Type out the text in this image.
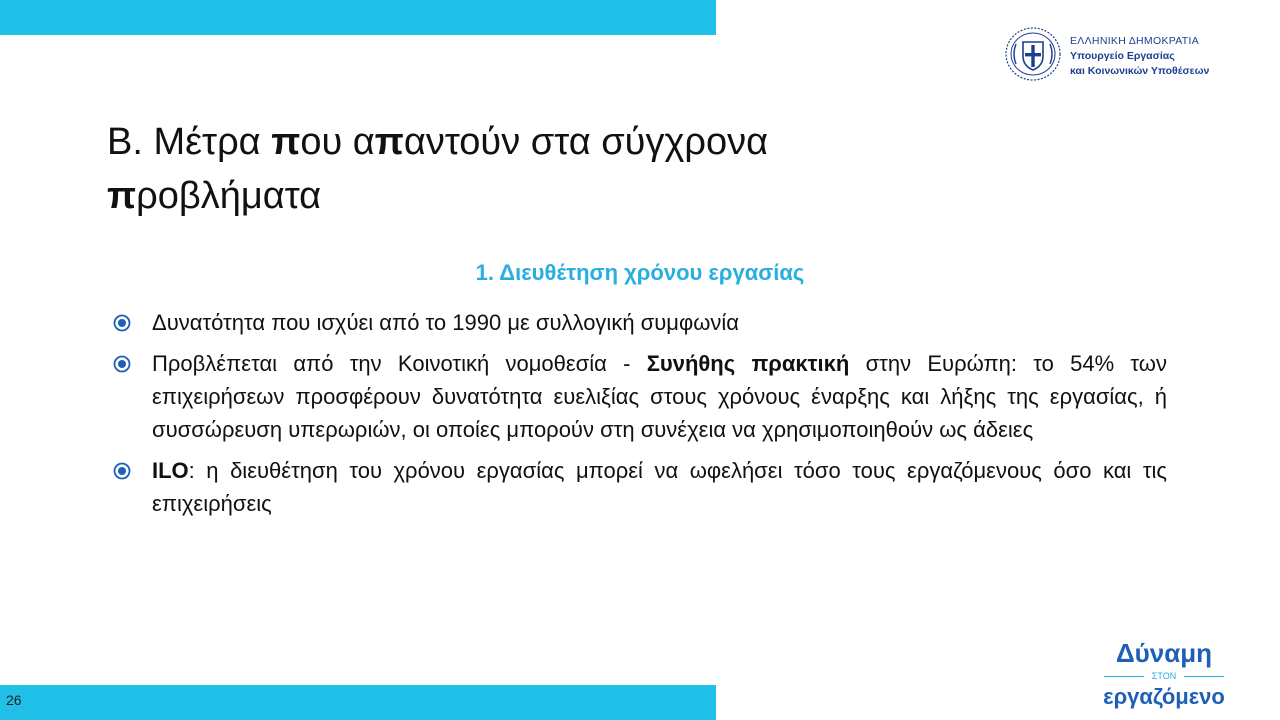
ΕΛΛΗΝΙΚΗ ΔΗΜΟΚΡΑΤΙΑ
Υπουργείο Εργασίας
και Κοινωνικών Υποθέσεων
Β. Μέτρα που απαντούν στα σύγχρονα
προβλήματα
1. Διευθέτηση χρόνου εργασίας
Δυνατότητα που ισχύει από το 1990 με συλλογική συμφωνία
Προβλέπεται από την Κοινοτική νομοθεσία - Συνήθης πρακτική στην Ευρώπη: το 54% των επιχειρήσεων προσφέρουν δυνατότητα ευελιξίας στους χρόνους έναρξης και λήξης της εργασίας, ή συσσώρευση υπερωριών, οι οποίες μπορούν στη συνέχεια να χρησιμοποιηθούν ως άδειες
ILO: η διευθέτηση του χρόνου εργασίας μπορεί να ωφελήσει τόσο τους εργαζόμενους όσο και τις επιχειρήσεις
26
Δύναμη
ΣΤΟΝ
εργαζόμενο
